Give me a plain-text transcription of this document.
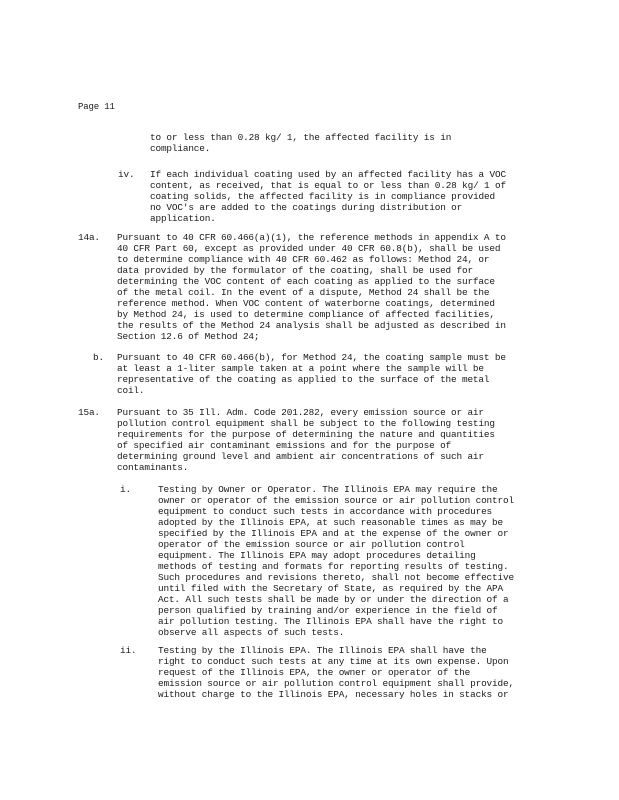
Page 11
to or less than 0.28 kg/ 1, the affected facility is in
compliance.
iv. If each individual coating used by an affected facility has a VOC
content, as received, that is equal to or less than 0.28 kg/ 1 of
coating solids, the affected facility is in compliance provided
no VOC's are added to the coatings during distribution or
application.
14a. Pursuant to 40 CFR 60.466(a)(1), the reference methods in appendix A to
40 CFR Part 60, except as provided under 40 CFR 60.8(b), shall be used
to determine compliance with 40 CFR 60.462 as follows: Method 24, or
data provided by the formulator of the coating, shall be used for
determining the VOC content of each coating as applied to the surface
of the metal coil. In the event of a dispute, Method 24 shall be the
reference method. When VOC content of waterborne coatings, determined
by Method 24, is used to determine compliance of affected facilities,
the results of the Method 24 analysis shall be adjusted as described in
Section 12.6 of Method 24;
b. Pursuant to 40 CFR 60.466(b), for Method 24, the coating sample must be
at least a 1-liter sample taken at a point where the sample will be
representative of the coating as applied to the surface of the metal
coil.
15a. Pursuant to 35 Ill. Adm. Code 201.282, every emission source or air
pollution control equipment shall be subject to the following testing
requirements for the purpose of determining the nature and quantities
of specified air contaminant emissions and for the purpose of
determining ground level and ambient air concentrations of such air
contaminants.
i.	Testing by Owner or Operator. The Illinois EPA may require the
owner or operator of the emission source or air pollution control
equipment to conduct such tests in accordance with procedures
adopted by the Illinois EPA, at such reasonable times as may be
specified by the Illinois EPA and at the expense of the owner or
operator of the emission source or air pollution control
equipment. The Illinois EPA may adopt procedures detailing
methods of testing and formats for reporting results of testing.
Such procedures and revisions thereto, shall not become effective
until filed with the Secretary of State, as required by the APA
Act. All such tests shall be made by or under the direction of a
person qualified by training and/or experience in the field of
air pollution testing. The Illinois EPA shall have the right to
observe all aspects of such tests.
ii. Testing by the Illinois EPA. The Illinois EPA shall have the
right to conduct such tests at any time at its own expense. Upon
request of the Illinois EPA, the owner or operator of the
emission source or air pollution control equipment shall provide,
without charge to the Illinois EPA, necessary holes in stacks or
